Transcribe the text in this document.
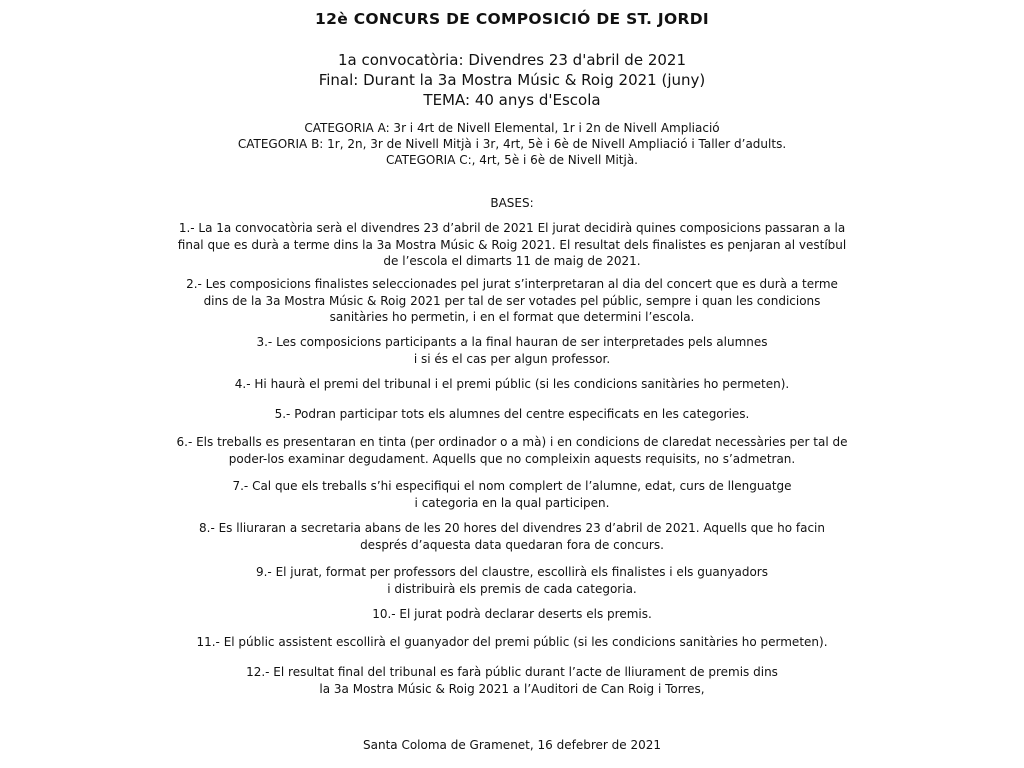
12è CONCURS DE COMPOSICIÓ DE ST. JORDI
1a convocatòria: Divendres 23 d'abril de 2021
Final: Durant la 3a Mostra Músic & Roig 2021 (juny)
TEMA: 40 anys d'Escola
CATEGORIA A: 3r i 4rt de Nivell Elemental, 1r i 2n de Nivell Ampliació
CATEGORIA B: 1r, 2n, 3r de Nivell Mitjà i 3r, 4rt, 5è i 6è de Nivell Ampliació i Taller d’adults.
CATEGORIA C:, 4rt, 5è i 6è de Nivell Mitjà.
BASES:
1.- La 1a convocatòria serà el divendres 23 d’abril de 2021 El jurat decidirà quines composicions passaran a la
final que es durà a terme dins la 3a Mostra Músic & Roig 2021. El resultat dels finalistes es penjaran al vestíbul
de l’escola el dimarts 11 de maig de 2021.
2.- Les composicions finalistes seleccionades pel jurat s’interpretaran al dia del concert que es durà a terme
dins de la 3a Mostra Músic & Roig 2021 per tal de ser votades pel públic, sempre i quan les condicions
sanitàries ho permetin, i en el format que determini l’escola.
3.- Les composicions participants a la final hauran de ser interpretades pels alumnes
i si és el cas per algun professor.
4.- Hi haurà el premi del tribunal i el premi públic (si les condicions sanitàries ho permeten).
5.- Podran participar tots els alumnes del centre especificats en les categories.
6.- Els treballs es presentaran en tinta (per ordinador o a mà) i en condicions de claredat necessàries per tal de
poder-los examinar degudament. Aquells que no compleixin aquests requisits, no s’admetran.
7.- Cal que els treballs s’hi especifiqui el nom complert de l’alumne, edat, curs de llenguatge
i categoria en la qual participen.
8.- Es lliuraran a secretaria abans de les 20 hores del divendres 23 d’abril de 2021. Aquells que ho facin
després d’aquesta data quedaran fora de concurs.
9.- El jurat, format per professors del claustre, escollirà els finalistes i els guanyadors
i distribuirà els premis de cada categoria.
10.- El jurat podrà declarar deserts els premis.
11.- El públic assistent escollirà el guanyador del premi públic (si les condicions sanitàries ho permeten).
12.- El resultat final del tribunal es farà públic durant l’acte de lliurament de premis dins
la 3a Mostra Músic & Roig 2021 a l’Auditori de Can Roig i Torres,
Santa Coloma de Gramenet, 16 defebrer de 2021
